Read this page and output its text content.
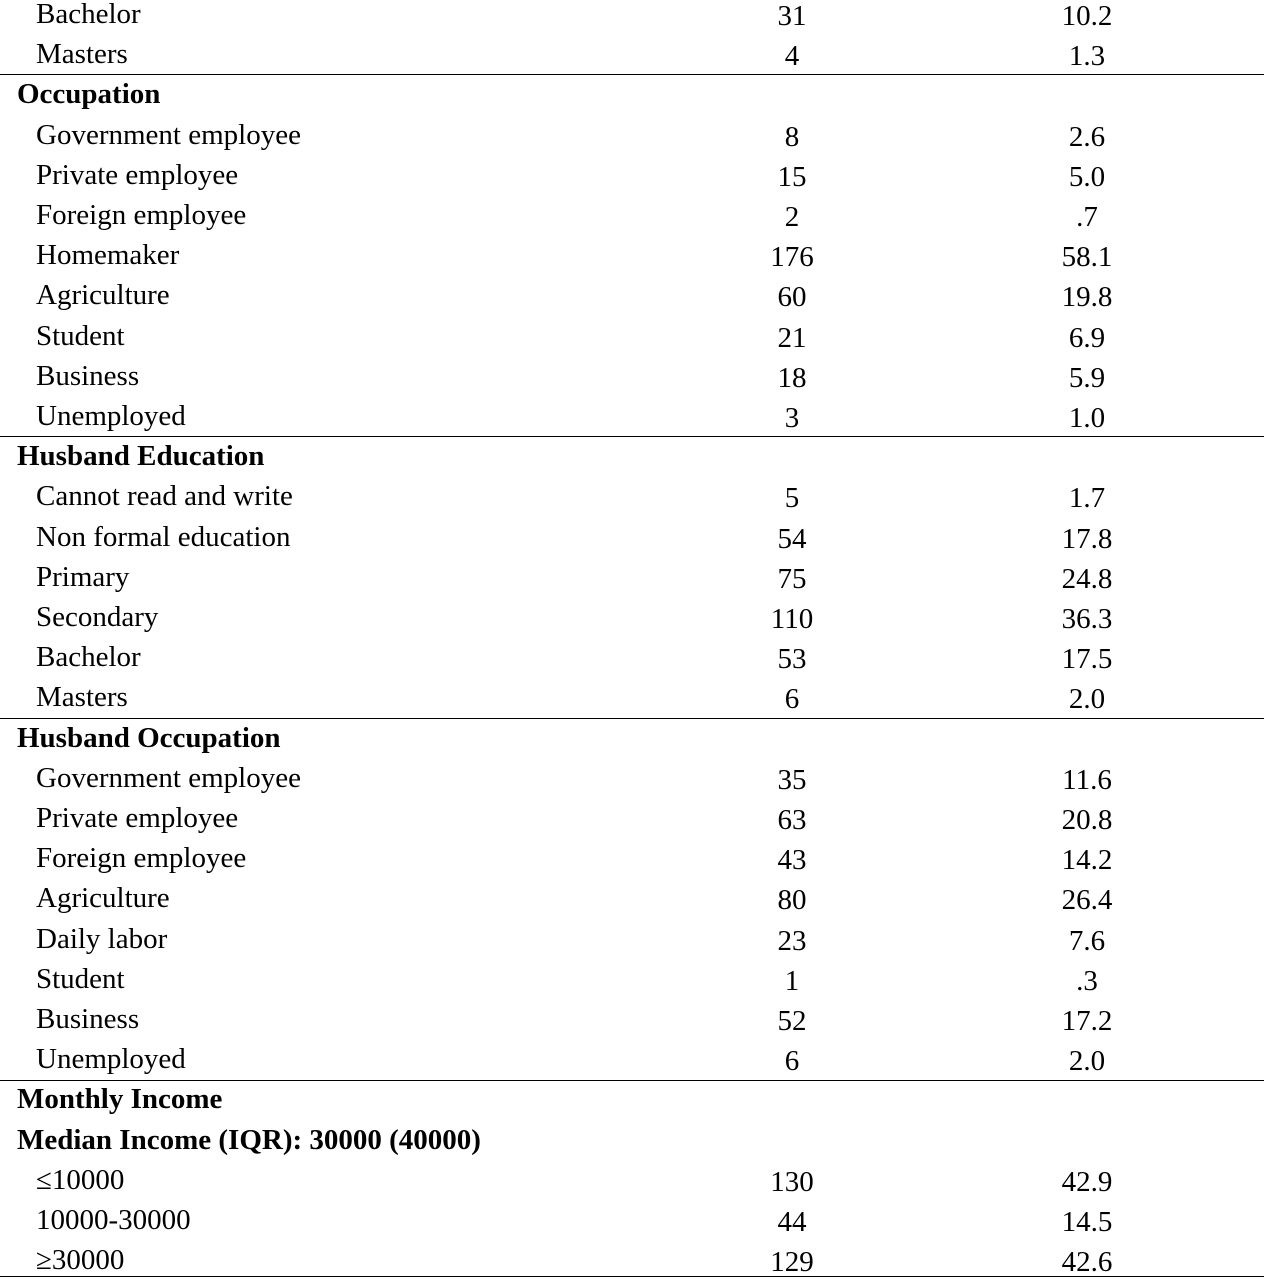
Bachelor	31	10.2
Masters	4	1.3
Occupation
Government employee	8	2.6
Private employee	15	5.0
Foreign employee	2	.7
Homemaker	176	58.1
Agriculture	60	19.8
Student	21	6.9
Business	18	5.9
Unemployed	3	1.0
Husband Education
Cannot read and write	5	1.7
Non formal education	54	17.8
Primary	75	24.8
Secondary	110	36.3
Bachelor	53	17.5
Masters	6	2.0
Husband Occupation
Government employee	35	11.6
Private employee	63	20.8
Foreign employee	43	14.2
Agriculture	80	26.4
Daily labor	23	7.6
Student	1	.3
Business	52	17.2
Unemployed	6	2.0
Monthly Income
Median Income (IQR): 30000 (40000)
≤10000	130	42.9
10000-30000	44	14.5
≥30000	129	42.6
